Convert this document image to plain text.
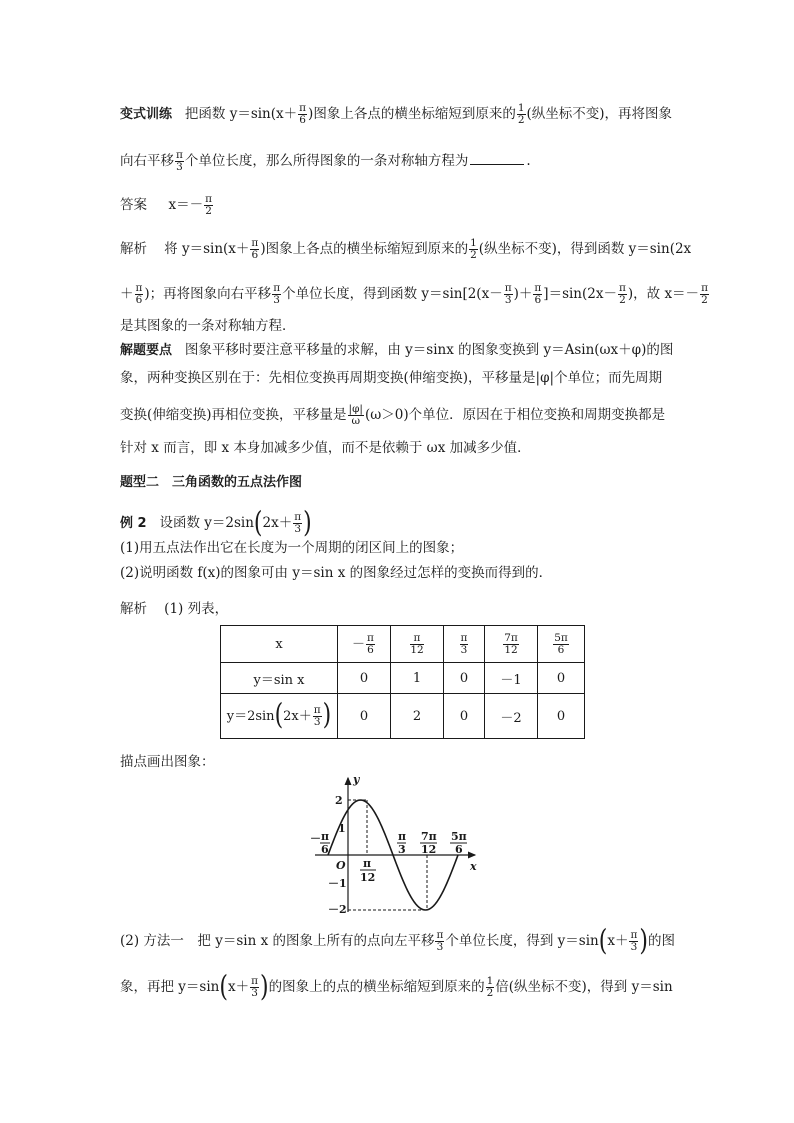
变式训练 把函数 $y=\sin(x+ \frac{\pi}{6}$ )图象上各点的横坐标缩短到原来的 $\frac{1}{2}$ (纵坐标不变)，再将图象
向右平移 $\frac{\pi}{3}$ 个单位长度，那么所得图象的一条对称轴方程为	.
答案 $x=- \frac{\pi}{2}$
解析 将 $y=\sin(x+ \frac{\pi}{6}$ )图象上各点的横坐标缩短到原来的 $\frac{1}{2}$ (纵坐标不变)，得到函数 y＝sin(2x
＋ $\frac{\pi}{6}$ )；再将图象向右平移 $\frac{\pi}{3}$ 个单位长度，得到函数 $y=\sin[2(x- \frac{\pi}{3}$ )＋ $\frac{\pi}{6} ]=\sin(2x- \frac{\pi}{2}$ )，故 $x=- \frac{\pi}{2}$
是其图象的一条对称轴方程．
解题要点 图象平移时要注意平移量的求解，由 y＝sinx 的图象变换到 y＝Asin(ωx＋φ)的图
象，两种变换区别在于：先相位变换再周期变换(伸缩变换)，平移量是|φ|个单位；而先周期
变换(伸缩变换)再相位变换，平移量是 $\frac{|\varphi|}{\omega} (\omega>0)$个单位．原因在于相位变换和周期变换都是
针对 x 而言，即 x 本身加减多少值，而不是依赖于 ωx 加减多少值．
题型二　三角函数的五点法作图
例 2 设函数 $y=2\sin(2x+ \frac{\pi}{3}$ )
(1)用五点法作出它在长度为一个周期的闭区间上的图象；
(2)说明函数 f(x)的图象可由 y＝sin x 的图象经过怎样的变换而得到的．
解析 (1) 列表，
x	－ $\frac{\pi}{6}$	$\frac{\pi}{12}$	$\frac{\pi}{3}$	$\frac{7\pi}{12}$	$\frac{5\pi}{6}$

y＝sin x	0	1	0	－1	0
$y=2\sin(2x+ \frac{\pi}{3}$ )	0	2	0	－2	0
描点画出图象：
y
x
O
2
1
－1
－2
－ π
6
π
12
π
3
7π
12
5π
6
(2) 方法一　把 y＝sin x 的图象上所有的点向左平移 $\frac{\pi}{3}$ 个单位长度，得到 $y=\sin(x+ \frac{\pi}{3}$ )的图
象，再把 $y=\sin(x+ \frac{\pi}{3}$ )的图象上的点的横坐标缩短到原来的 $\frac{1}{2}$ 倍(纵坐标不变)，得到 y＝sin
